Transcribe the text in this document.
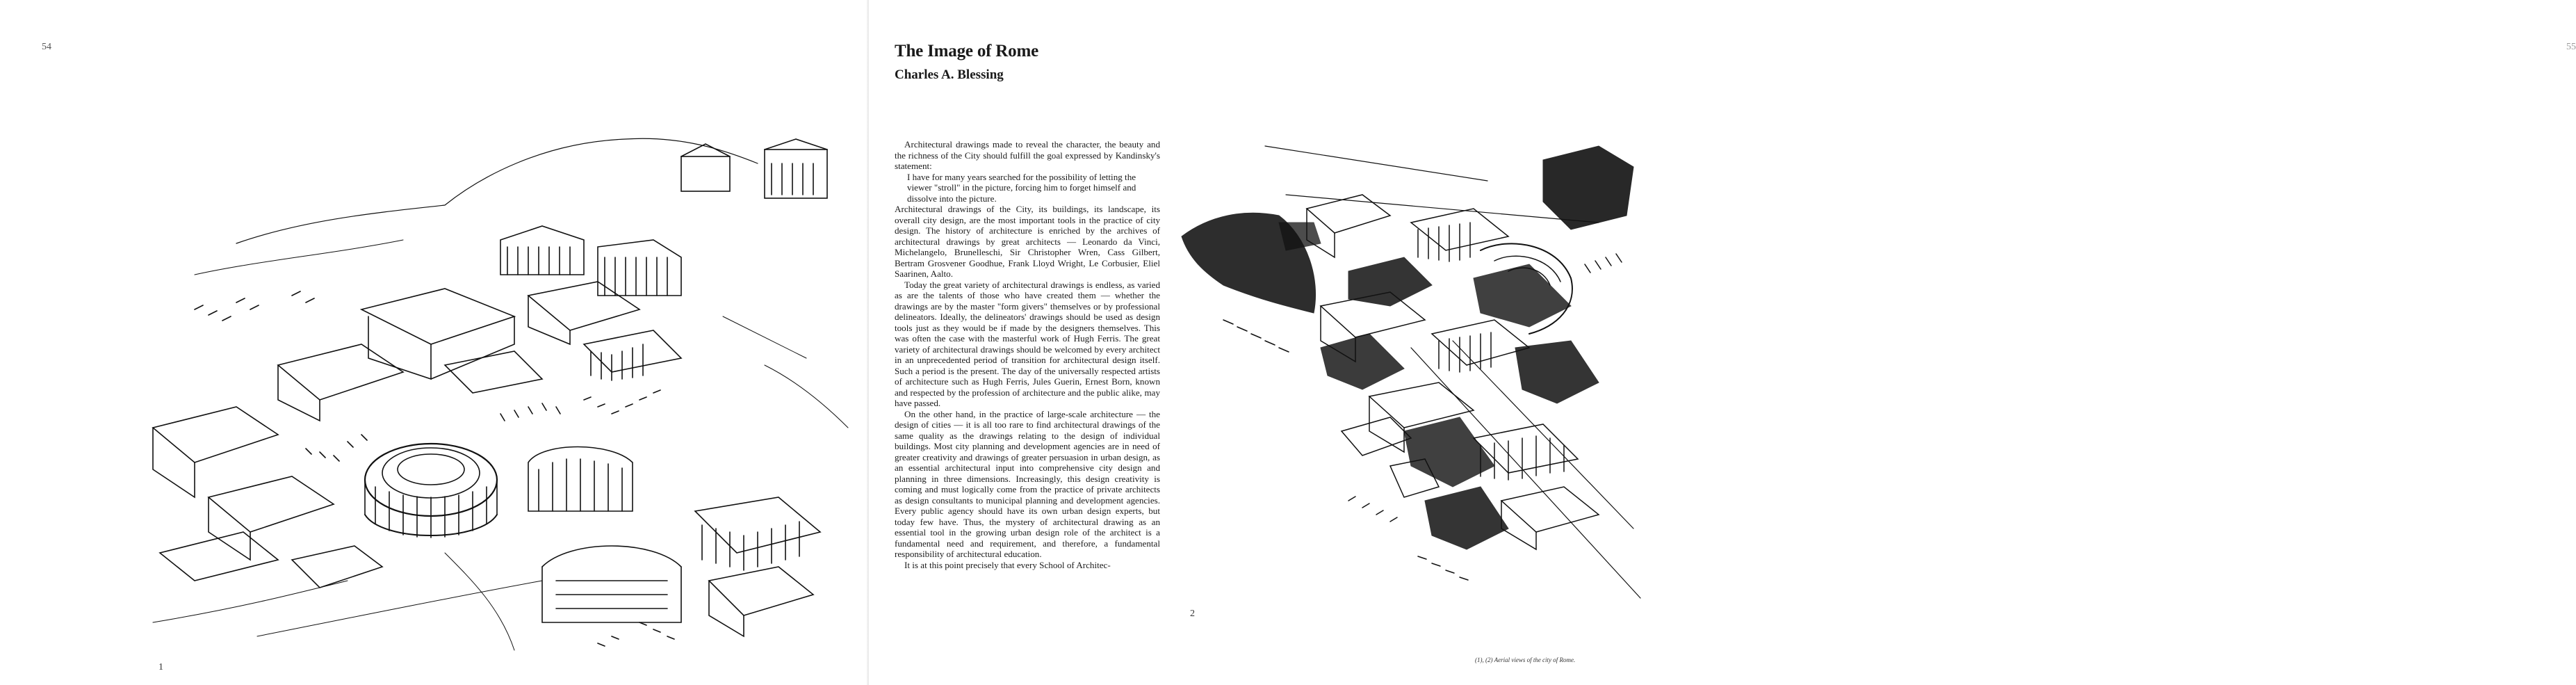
54
1
55
The Image of Rome
Charles A. Blessing

Architectural drawings made to reveal the character, the beauty and the richness of the City should fulfill the goal expressed by Kandinsky's statement:

I have for many years searched for the possibility of letting the viewer "stroll" in the picture, forcing him to forget himself and dissolve into the picture.

Architectural drawings of the City, its buildings, its landscape, its overall city design, are the most important tools in the practice of city design. The history of architecture is enriched by the archives of architectural drawings by great architects — Leonardo da Vinci, Michelangelo, Brunelleschi, Sir Christopher Wren, Cass Gilbert, Bertram Grosvener Goodhue, Frank Lloyd Wright, Le Corbusier, Eliel Saarinen, Aalto.

Today the great variety of architectural drawings is endless, as varied as are the talents of those who have created them — whether the drawings are by the master "form givers" themselves or by professional delineators. Ideally, the delineators' drawings should be used as design tools just as they would be if made by the designers themselves. This was often the case with the masterful work of Hugh Ferris. The great variety of architectural drawings should be welcomed by every architect in an unprecedented period of transition for architectural design itself. Such a period is the present. The day of the universally respected artists of architecture such as Hugh Ferris, Jules Guerin, Ernest Born, known and respected by the profession of architecture and the public alike, may have passed.

On the other hand, in the practice of large-scale architecture — the design of cities — it is all too rare to find architectural drawings of the same quality as the drawings relating to the design of individual buildings. Most city planning and development agencies are in need of greater creativity and drawings of greater persuasion in urban design, as an essential architectural input into comprehensive city design and planning in three dimensions. Increasingly, this design creativity is coming and must logically come from the practice of private architects as design consultants to municipal planning and development agencies. Every public agency should have its own urban design experts, but today few have. Thus, the mystery of architectural drawing as an essential tool in the growing urban design role of the architect is a fundamental need and requirement, and therefore, a fundamental responsibility of architectural education.

It is at this point precisely that every School of Architec-

2
(1), (2) Aerial views of the city of Rome.
